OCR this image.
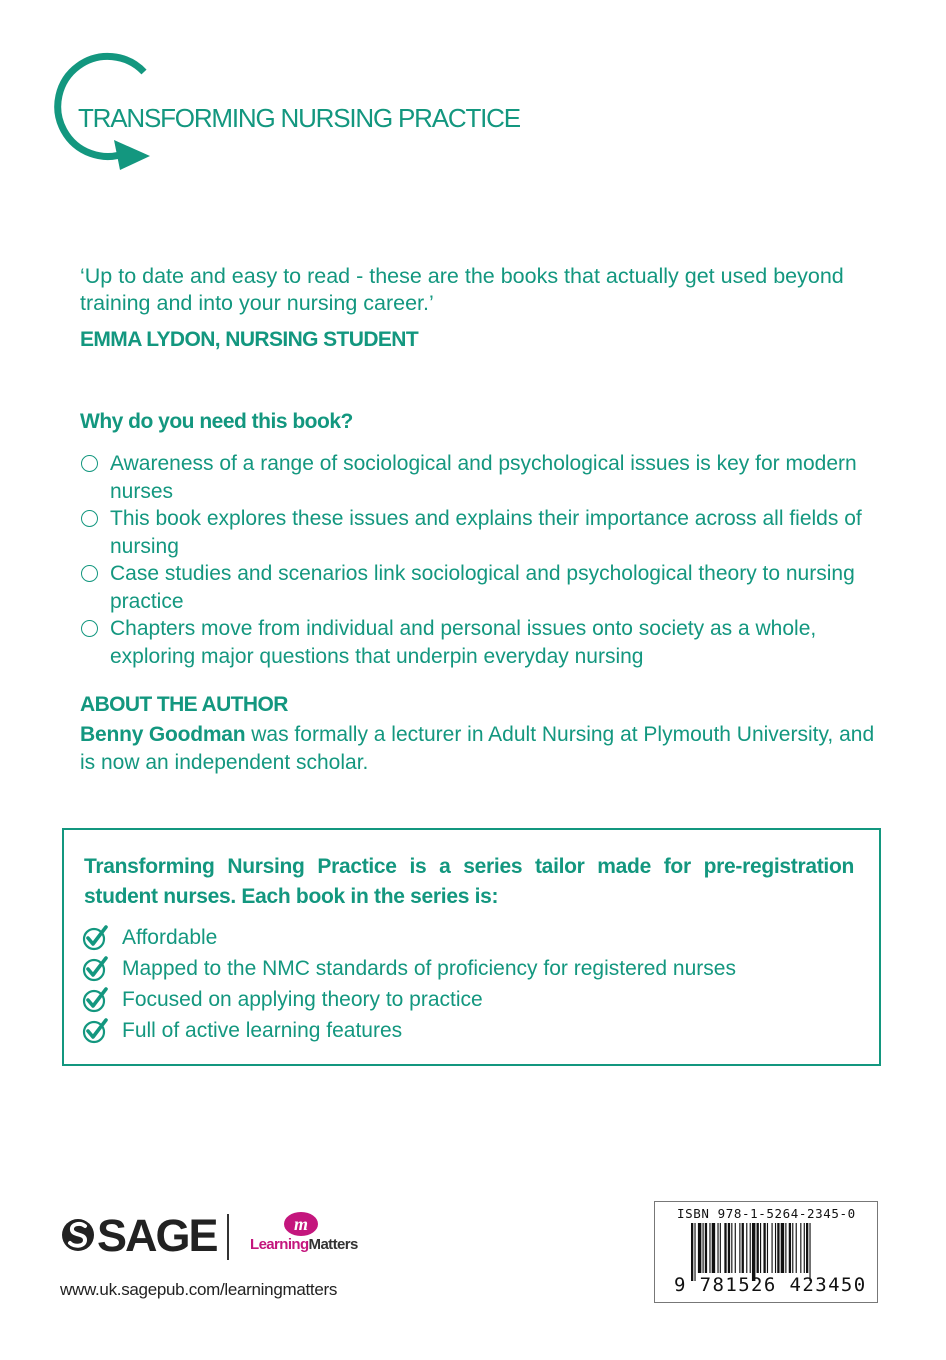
TRANSFORMING NURSING PRACTICE
‘Up to date and easy to read - these are the books that actually get used beyond training and into your nursing career.’
EMMA LYDON, NURSING STUDENT
Why do you need this book?
Awareness of a range of sociological and psychological issues is key for modern nurses
This book explores these issues and explains their importance across all fields of nursing
Case studies and scenarios link sociological and psychological theory to nursing practice
Chapters move from individual and personal issues onto society as a whole, exploring major questions that underpin everyday nursing
ABOUT THE AUTHOR
Benny Goodman was formally a lecturer in Adult Nursing at Plymouth University, and is now an independent scholar.
Transforming Nursing Practice is a series tailor made for pre-registration student nurses. Each book in the series is:
Affordable
Mapped to the NMC standards of proficiency for registered nurses
Focused on applying theory to practice
Full of active learning features
SAGE	m
LearningMatters
www.uk.sagepub.com/learningmatters
ISBN 978-1-5264-2345-0
9 781526 423450
